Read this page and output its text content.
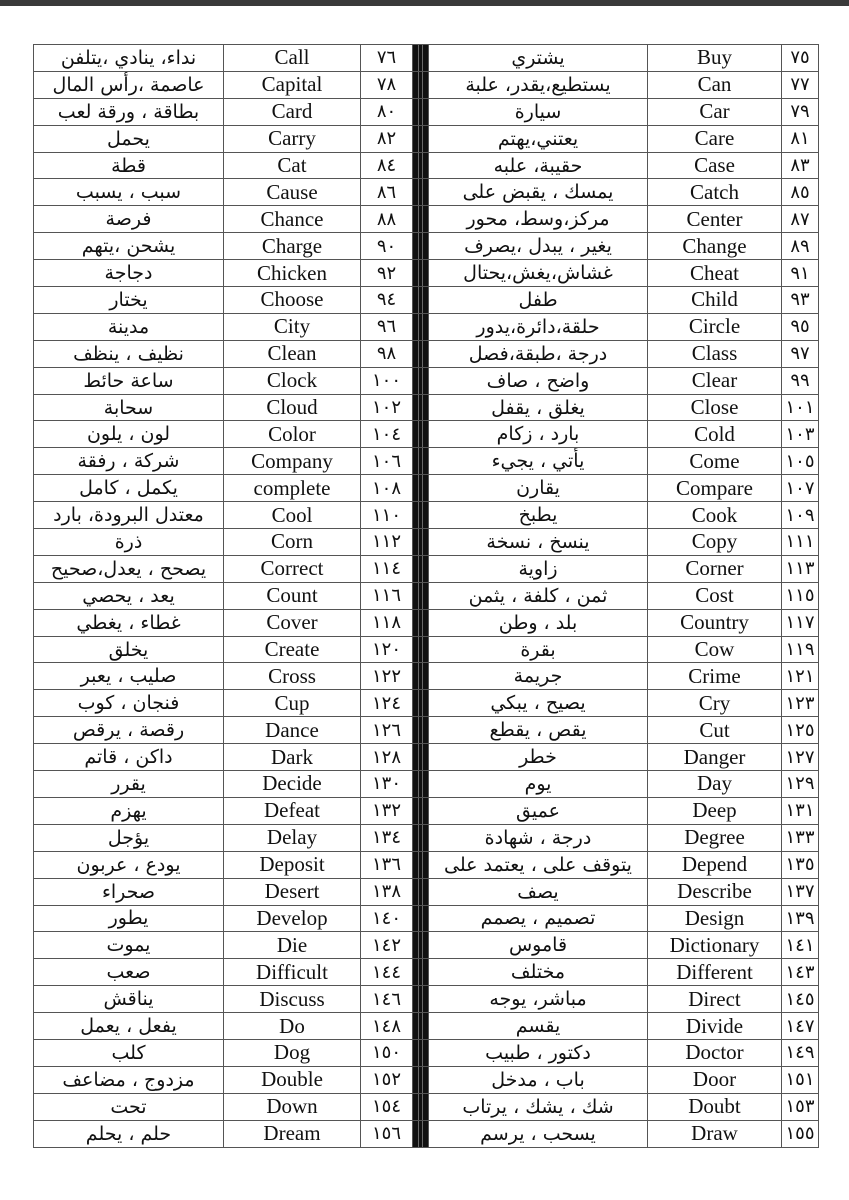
نداء، ينادي ،يتلفن	Call	٧٦		يشتري	Buy	٧٥
عاصمة ،رأس المال	Capital	٧٨		يستطيع،يقدر، علبة	Can	٧٧
بطاقة ، ورقة لعب	Card	٨٠		سيارة	Car	٧٩
يحمل	Carry	٨٢		يعتني،يهتم	Care	٨١
قطة	Cat	٨٤		حقيبة، علبه	Case	٨٣
سبب ، يسبب	Cause	٨٦		يمسك ، يقبض على	Catch	٨٥
فرصة	Chance	٨٨		مركز،وسط، محور	Center	٨٧
يشحن ،يتهم	Charge	٩٠		يغير ، يبدل ،يصرف	Change	٨٩
دجاجة	Chicken	٩٢		غشاش،يغش،يحتال	Cheat	٩١
يختار	Choose	٩٤		طفل	Child	٩٣
مدينة	City	٩٦		حلقة،دائرة،يدور	Circle	٩٥
نظيف ، ينظف	Clean	٩٨		درجة ،طبقة،فصل	Class	٩٧
ساعة حائط	Clock	١٠٠		واضح ، صاف	Clear	٩٩
سحابة	Cloud	١٠٢		يغلق ، يقفل	Close	١٠١
لون ، يلون	Color	١٠٤		بارد ، زكام	Cold	١٠٣
شركة ، رفقة	Company	١٠٦		يأتي ، يجيء	Come	١٠٥
يكمل ، كامل	complete	١٠٨		يقارن	Compare	١٠٧
معتدل البرودة، بارد	Cool	١١٠		يطبخ	Cook	١٠٩
ذرة	Corn	١١٢		ينسخ ، نسخة	Copy	١١١
يصحح ، يعدل،صحيح	Correct	١١٤		زاوية	Corner	١١٣
يعد ، يحصي	Count	١١٦		ثمن ، كلفة ، يثمن	Cost	١١٥
غطاء ، يغطي	Cover	١١٨		بلد ، وطن	Country	١١٧
يخلق	Create	١٢٠		بقرة	Cow	١١٩
صليب ، يعبر	Cross	١٢٢		جريمة	Crime	١٢١
فنجان ، كوب	Cup	١٢٤		يصيح ، يبكي	Cry	١٢٣
رقصة ، يرقص	Dance	١٢٦		يقص ، يقطع	Cut	١٢٥
داكن ، قاتم	Dark	١٢٨		خطر	Danger	١٢٧
يقرر	Decide	١٣٠		يوم	Day	١٢٩
يهزم	Defeat	١٣٢		عميق	Deep	١٣١
يؤجل	Delay	١٣٤		درجة ، شهادة	Degree	١٣٣
يودع ، عربون	Deposit	١٣٦		يتوقف على ، يعتمد على	Depend	١٣٥
صحراء	Desert	١٣٨		يصف	Describe	١٣٧
يطور	Develop	١٤٠		تصميم ، يصمم	Design	١٣٩
يموت	Die	١٤٢		قاموس	Dictionary	١٤١
صعب	Difficult	١٤٤		مختلف	Different	١٤٣
يناقش	Discuss	١٤٦		مباشر، يوجه	Direct	١٤٥
يفعل ، يعمل	Do	١٤٨		يقسم	Divide	١٤٧
كلب	Dog	١٥٠		دكتور ، طبيب	Doctor	١٤٩
مزدوج ، مضاعف	Double	١٥٢		باب ، مدخل	Door	١٥١
تحت	Down	١٥٤		شك ، يشك ، يرتاب	Doubt	١٥٣
حلم ، يحلم	Dream	١٥٦		يسحب ، يرسم	Draw	١٥٥
